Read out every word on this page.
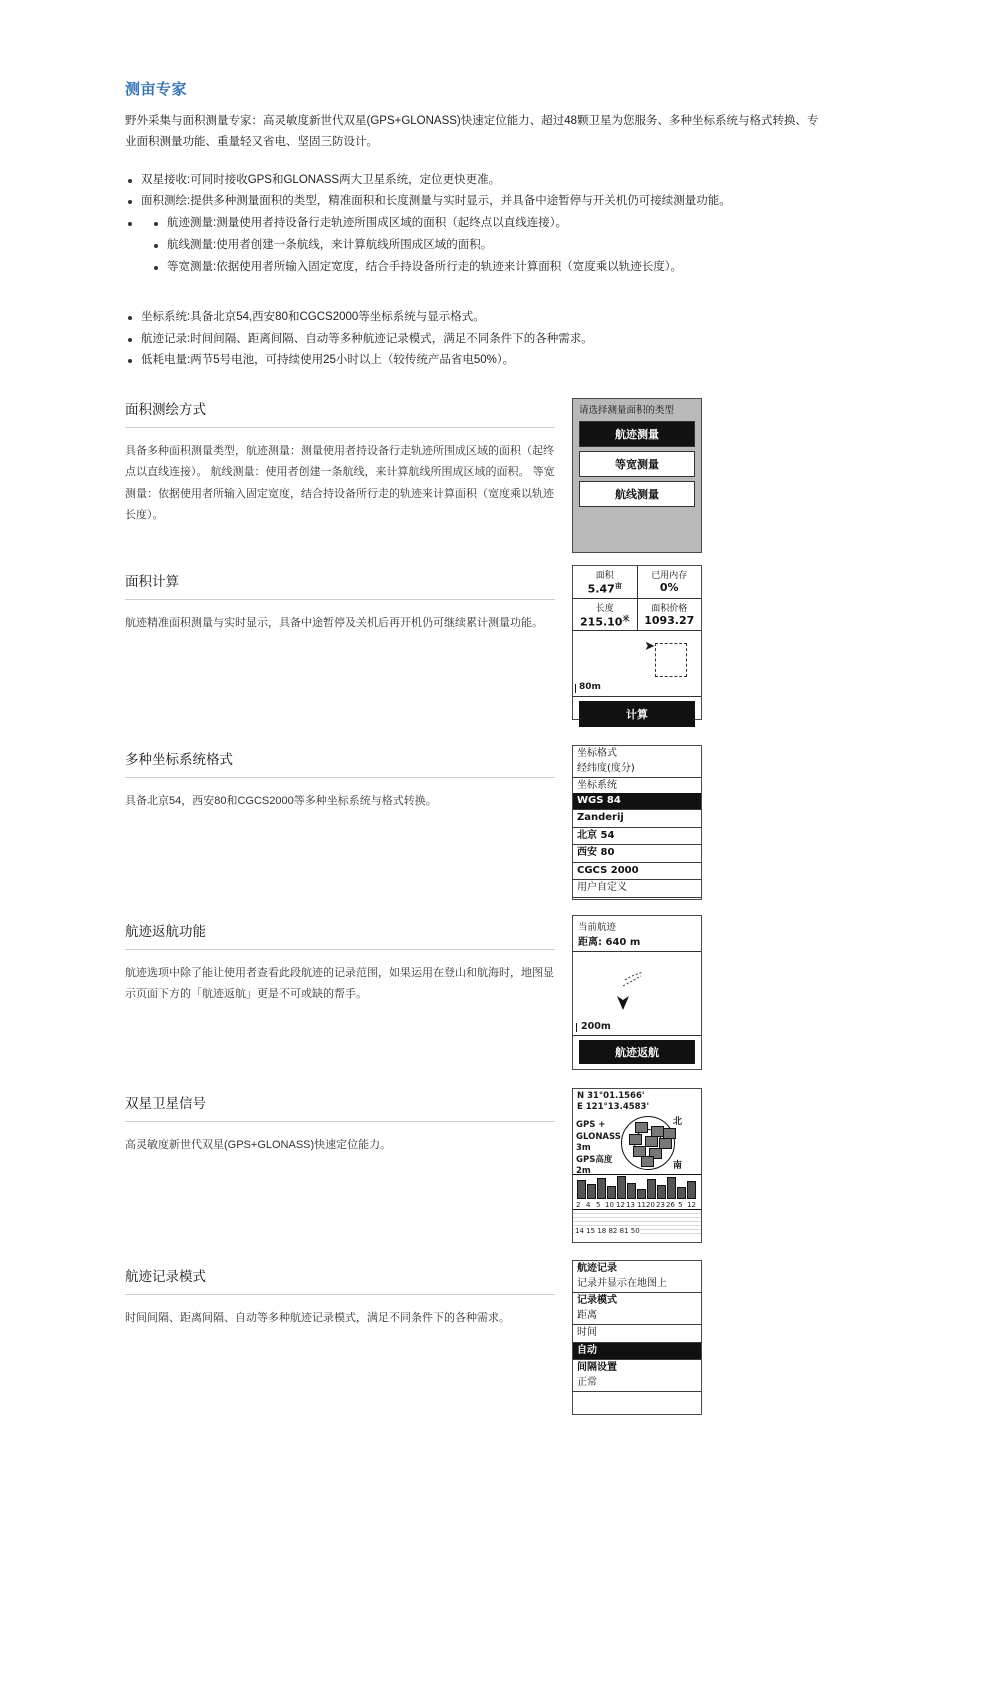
测亩专家

野外采集与面积测量专家：高灵敏度新世代双星(GPS+GLONASS)快速定位能力、超过48颗卫星为您服务、多种坐标系统与格式转换、专业面积测量功能、重量轻又省电、坚固三防设计。

双星接收:可同时接收GPS和GLONASS两大卫星系统，定位更快更准。
面积测绘:提供多种测量面积的类型，精准面积和长度测量与实时显示，并具备中途暂停与开关机仍可接续测量功能。
航迹测量:测量使用者持设备行走轨迹所围成区域的面积（起终点以直线连接）。
航线测量:使用者创建一条航线，来计算航线所围成区域的面积。
等宽测量:依据使用者所输入固定宽度，结合手持设备所行走的轨迹来计算面积（宽度乘以轨迹长度）。
坐标系统:具备北京54,西安80和CGCS2000等坐标系统与显示格式。
航迹记录:时间间隔、距离间隔、自动等多种航迹记录模式，满足不同条件下的各种需求。
低耗电量:两节5号电池，可持续使用25小时以上（较传统产品省电50%）。
面积测绘方式

具备多种面积测量类型，航迹测量：测量使用者持设备行走轨迹所围成区域的面积（起终点以直线连接）。 航线测量：使用者创建一条航线，来计算航线所围成区域的面积。 等宽测量：依据使用者所输入固定宽度，结合持设备所行走的轨迹来计算面积（宽度乘以轨迹长度）。

请选择测量面积的类型
航迹测量
等宽测量
航线测量
面积计算

航迹精准面积测量与实时显示，具备中途暂停及关机后再开机仍可继续累计测量功能。

面积
$5.47^亩$
已用内存
0%
长度
$215.10^米$
面积价格
1093.27
➤
80m
计算
多种坐标系统格式

具备北京54，西安80和CGCS2000等多种坐标系统与格式转换。

坐标格式
经纬度(度分)
坐标系统
WGS 84
Zanderij
北京 54
西安 80
CGCS 2000
用户自定义
航迹返航功能

航迹选项中除了能让使用者查看此段航迹的记录范围，如果运用在登山和航海时，地图显示页面下方的「航迹返航」更是不可或缺的帮手。

当前航迹
距离: 640 m
200m
航迹返航
双星卫星信号

高灵敏度新世代双星(GPS+GLONASS)快速定位能力。

N 31°01.1566'
E 121°13.4583'
北
南
GPS +
GLONASS
3m
GPS高度
2m
2 4 5 10 12 13 11 20 23 26 5 12
14 15 18 82 81 50
航迹记录模式

时间间隔、距离间隔、自动等多种航迹记录模式，满足不同条件下的各种需求。

航迹记录
记录并显示在地图上
记录模式
距离
时间
自动
间隔设置
正常
